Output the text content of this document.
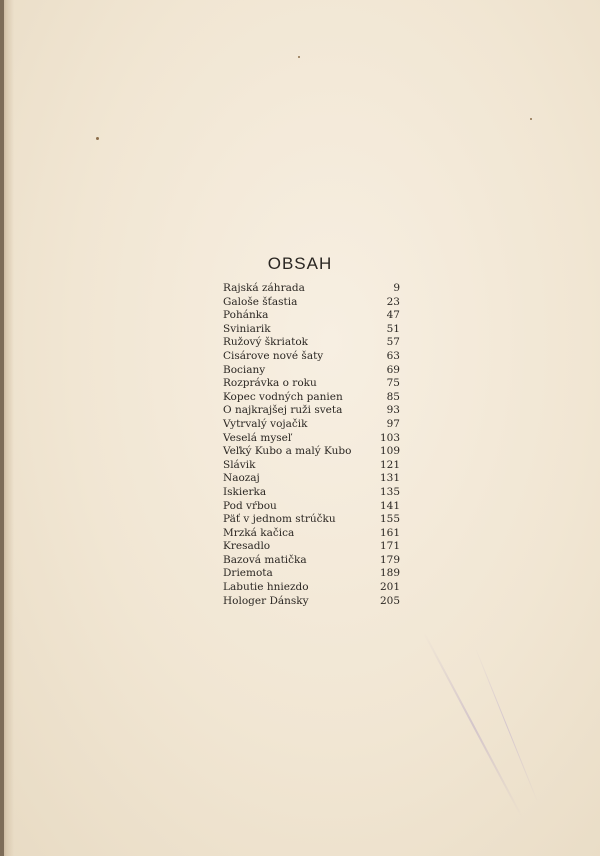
OBSAH
Rajská záhrada	9
Galoše šťastia	23
Pohánka	47
Sviniarik	51
Ružový škriatok	57
Cisárove nové šaty	63
Bociany	69
Rozprávka o roku	75
Kopec vodných panien	85
O najkrajšej ruži sveta	93
Vytrvalý vojačik	97
Veselá myseľ	103
Veľký Kubo a malý Kubo	109
Slávik	121
Naozaj	131
Iskierka	135
Pod vŕbou	141
Päť v jednom strúčku	155
Mrzká kačica	161
Kresadlo	171
Bazová matička	179
Driemota	189
Labutie hniezdo	201
Hologer Dánsky	205
